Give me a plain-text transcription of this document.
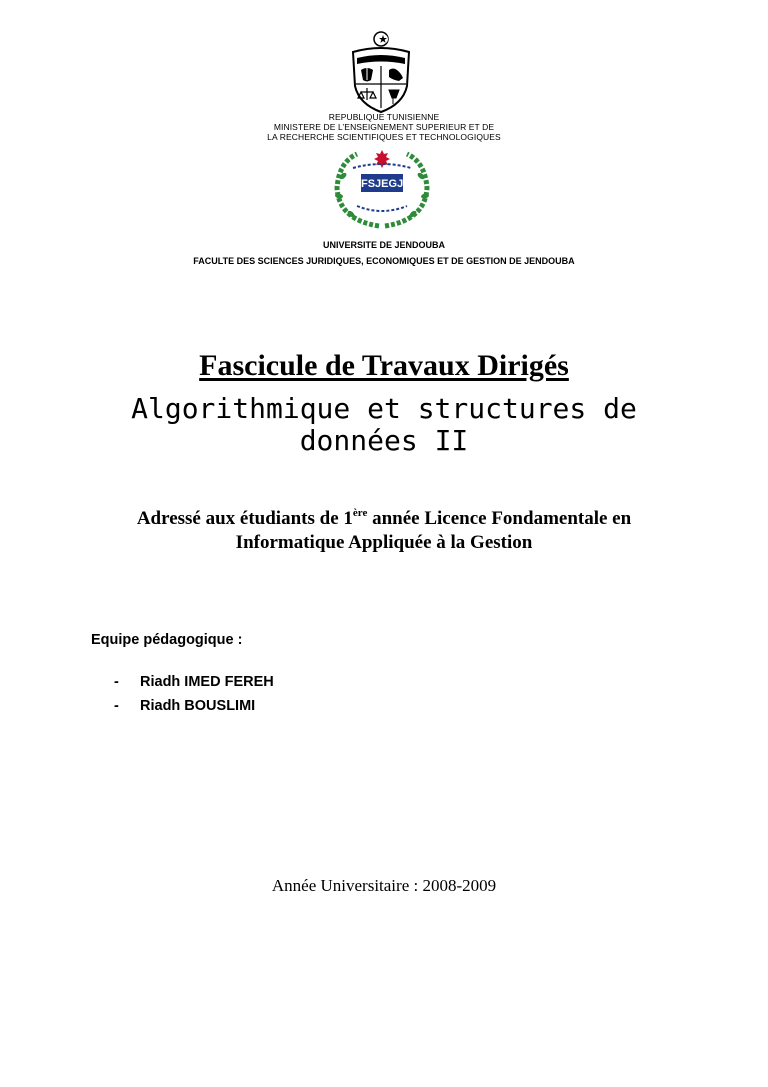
REPUBLIQUE TUNISIENNE
MINISTERE DE L’ENSEIGNEMENT SUPERIEUR ET DE
LA RECHERCHE SCIENTIFIQUES ET TECHNOLOGIQUES
FSJEGJ
UNIVERSITE DE JENDOUBA
FACULTE DES SCIENCES JURIDIQUES, ECONOMIQUES ET DE GESTION DE JENDOUBA
Fascicule de Travaux Dirigés
Algorithmique et structures de
données II
Adressé aux étudiants de 1ère année Licence Fondamentale en
Informatique Appliquée à la Gestion
Equipe pédagogique :
- Riadh IMED FEREH
- Riadh BOUSLIMI
Année Universitaire : 2008-2009
